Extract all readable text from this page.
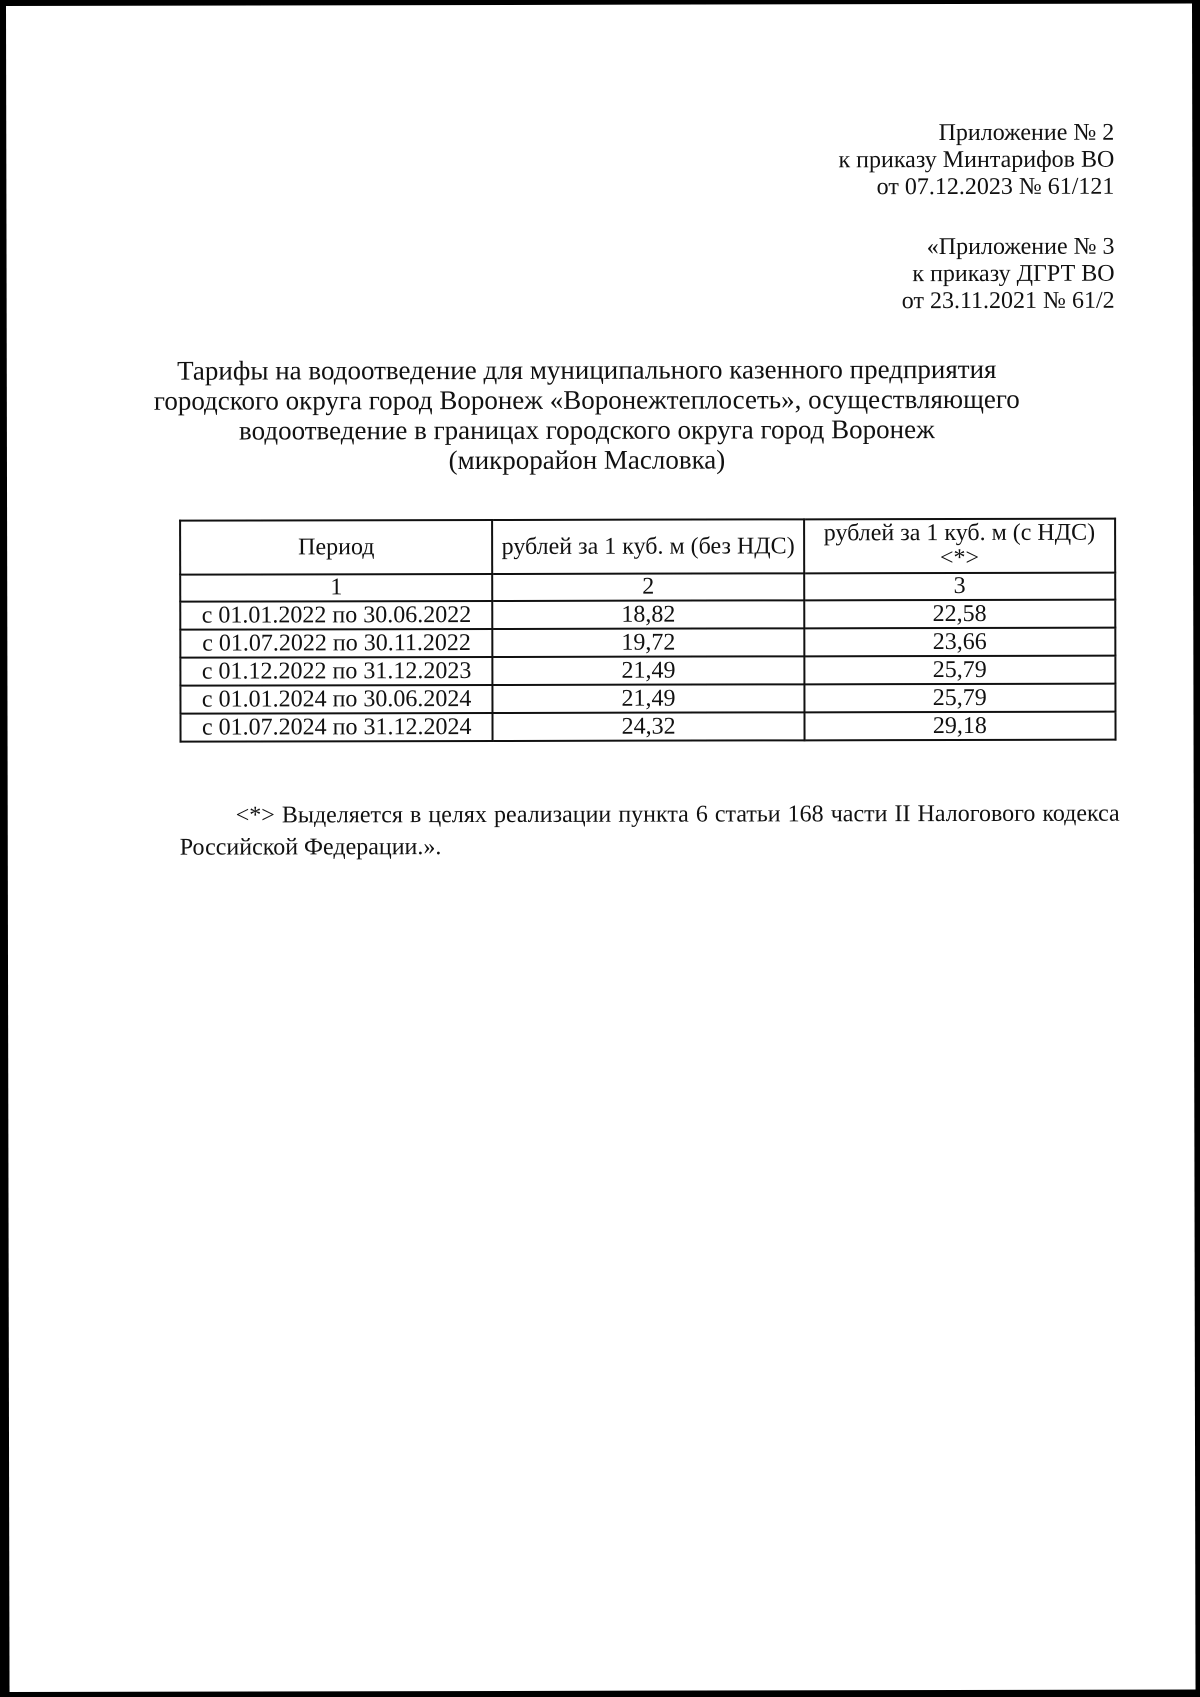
Приложение № 2
к приказу Минтарифов ВО
от 07.12.2023 № 61/121
«Приложение № 3
к приказу ДГРТ ВО
от 23.11.2021 № 61/2
Тарифы на водоотведение для муниципального казенного предприятия
городского округа город Воронеж «Воронежтеплосеть», осуществляющего
водоотведение в границах городского округа город Воронеж
(микрорайон Масловка)
Период	рублей за 1 куб. м (без НДС)	рублей за 1 куб. м (с НДС) <*>
1	2	3
с 01.01.2022 по 30.06.2022	18,82	22,58
с 01.07.2022 по 30.11.2022	19,72	23,66
с 01.12.2022 по 31.12.2023	21,49	25,79
с 01.01.2024 по 30.06.2024	21,49	25,79
с 01.07.2024 по 31.12.2024	24,32	29,18

<*> Выделяется в целях реализации пункта 6 статьи 168 части II Налогового кодекса Российской Федерации.».
